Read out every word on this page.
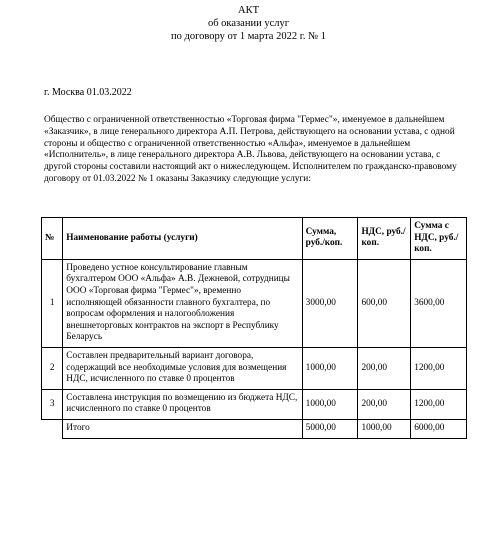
АКТ
об оказании услуг
по договору от 1 марта 2022 г. № 1
г. Москва 01.03.2022
Общество с ограниченной ответственностью «Торговая фирма "Гермес"», именуемое в дальнейшем «Заказчик», в лице генерального директора А.П. Петрова, действующего на основании устава, с одной стороны и общество с ограниченной ответственностью «Альфа», именуемое в дальнейшем «Исполнитель», в лице генерального директора А.В. Львова, действующего на основании устава, с другой стороны составили настоящий акт о нижеследующем. Исполнителем по гражданско-правовому договору от 01.03.2022 № 1 оказаны Заказчику следующие услуги:
№	Наименование работы (услуги)	Сумма, руб./коп.	НДС, руб./коп.	Сумма с НДС, руб./коп.
1	Проведено устное консультирование главным бухгалтером ООО «Альфа» А.В. Дежневой, сотрудницы ООО «Торговая фирма "Гермес"», временно исполняющей обязанности главного бухгалтера, по вопросам оформления и налогообложения внешнеторговых контрактов на экспорт в Республику Беларусь	3000,00	600,00	3600,00
2	Составлен предварительный вариант договора, содержащий все необходимые условия для возмещения НДС, исчисленного по ставке 0 процентов	1000,00	200,00	1200,00
3	Составлена инструкция по возмещению из бюджета НДС, исчисленного по ставке 0 процентов	1000,00	200,00	1200,00
	Итого	5000,00	1000,00	6000,00
